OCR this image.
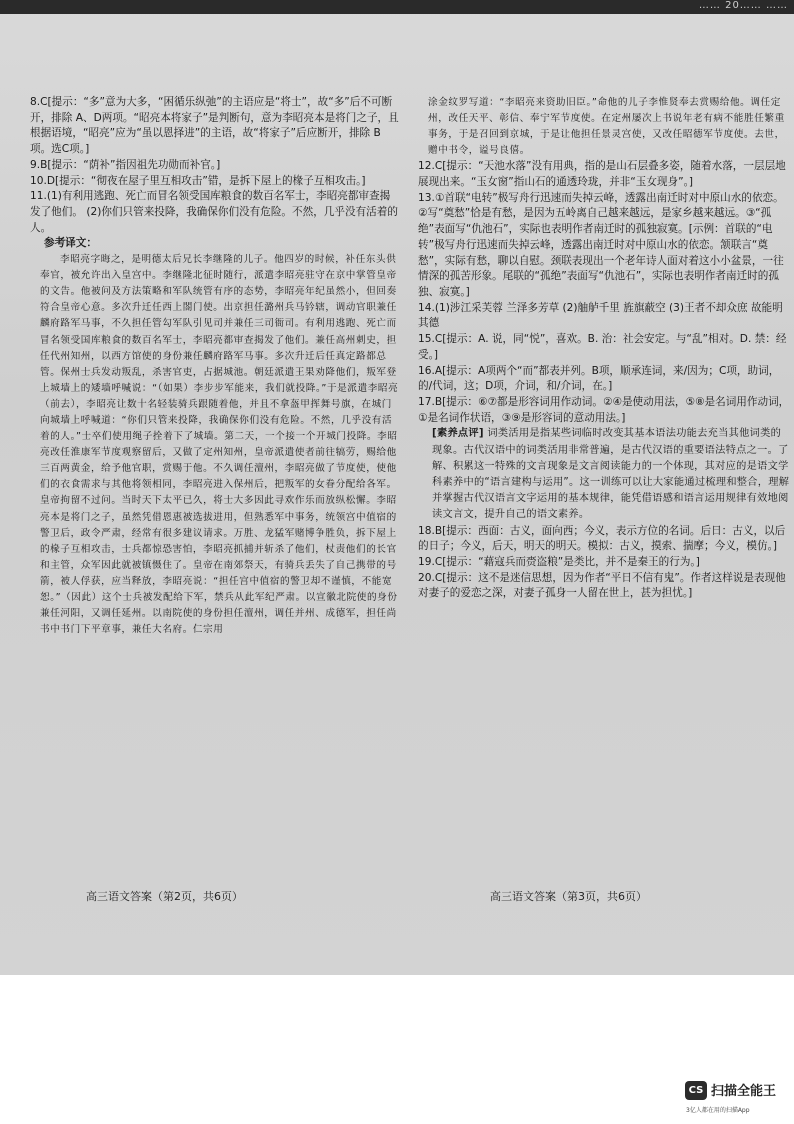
…… 20…… ……

8.C[提示：“多”意为大多，“困循乐纵弛”的主语应是“将士”，故“多”后不可断开，排除 A、D两项。“昭亮本将家子”是判断句，意为李昭亮本是将门之子，且根据语境，“昭亮”应为“虽以恩择进”的主语，故“将家子”后应断开，排除 B项。选C项。]

9.B[提示：“荫补”指因祖先功勋而补官。]

10.D[提示：“彻夜在屋子里互相攻击”错，是拆下屋上的椽子互相攻击。]

11.(1)有利用逃跑、死亡而冒名领受国库粮食的数百名军士，李昭亮都审查揭发了他们。 (2)你们只管来投降，我确保你们没有危险。不然，几乎没有活着的人。

参考译文：

李昭亮字晦之，是明德太后兄长李继隆的儿子。他四岁的时候，补任东头供奉官，被允许出入皇宫中。李继隆北征时随行，派遣李昭亮驻守在京中掌管皇帝的文告。他被问及方法策略和军队统管有序的态势，李昭亮年纪虽然小，但回奏符合皇帝心意。多次升迁任西上閤门使。出京担任潞州兵马钤辖，调动官职兼任麟府路军马事，不久担任管勾军队引见司并兼任三司衙司。有利用逃跑、死亡而冒名领受国库粮食的数百名军士，李昭亮都审查揭发了他们。兼任高州刺史，担任代州知州，以西方馆使的身份兼任麟府路军马事。多次升迁后任真定路都总管。保州士兵发动叛乱，杀害官吏，占据城池。朝廷派遣王果劝降他们，叛军登上城墙上的矮墙呼喊说：“（如果）李步步军能来，我们就投降。”于是派遣李昭亮（前去），李昭亮让数十名轻装骑兵跟随着他，并且不拿盔甲挥舞号旗，在城门向城墙上呼喊道：“你们只管来投降，我确保你们没有危险。不然，几乎没有活着的人。”士卒们使用绳子拴着下了城墙。第二天，一个接一个开城门投降。李昭亮改任淮康军节度观察留后，又做了定州知州，皇帝派遣使者前往犒劳，赐给他三百两黄金，给予他官职，赏赐于他。不久调任澶州，李昭亮做了节度使，使他们的衣食需求与其他将领相同，李昭亮进入保州后，把叛军的女眷分配给各军。皇帝拘留不过问。当时天下太平已久，将士大多因此寻欢作乐而放纵松懈。李昭亮本是将门之子，虽然凭借恩惠被选拔进用，但熟悉军中事务，统领宫中值宿的警卫后，政令严肃，经常有很多建议请求。万胜、龙猛军赌博争胜负，拆下屋上的椽子互相攻击，士兵都惊恐害怕，李昭亮抓捕并斩杀了他们，杖责他们的长官和主管，众军因此就被镇慑住了。皇帝在南郊祭天，有骑兵丢失了自己携带的号箭，被人俘获，应当释放，李昭亮说：“担任宫中值宿的警卫却不谨慎，不能宽恕。”（因此）这个士兵被发配给下军，禁兵从此军纪严肃。以宣徽北院使的身份兼任河阳，又调任延州。以南院使的身份担任澶州，调任并州、成德军，担任尚书中书门下平章事，兼任大名府。仁宗用

涂金纹罗写道：“李昭亮来资助旧臣。”命他的儿子李惟贤奉去赏赐给他。调任定州，改任天平、彰信、奉宁军节度使。在定州屡次上书说年老有病不能胜任繁重事务，于是召回到京城，于是让他担任景灵宫使，又改任昭德军节度使。去世，赠中书令，谥号良僖。

12.C[提示：“天池水落”没有用典，指的是山石层叠多姿，随着水落，一层层地展现出来。“玉女窗”指山石的通透玲珑，并非“玉女现身”。]

13.①首联“电转”极写舟行迅速而失掉云峰，透露出南迁时对中原山水的依恋。②写“奠愁”恰是有愁，是因为五岭离自己越来越远，是家乡越来越远。③“孤绝”表面写“仇池石”，实际也表明作者南迁时的孤独寂寞。[示例：首联的“电转”极写舟行迅速而失掉云峰，透露出南迁时对中原山水的依恋。颔联言“奠愁”，实际有愁，聊以自慰。颈联表现出一个老年诗人面对着这小小盆景，一往情深的孤苦形象。尾联的“孤绝”表面写“仇池石”，实际也表明作者南迁时的孤独、寂寞。]

14.(1)涉江采芙蓉 兰泽多芳草 (2)舳舻千里 旌旗蔽空 (3)王者不却众庶 故能明其德

15.C[提示：A. 说，同“悦”，喜欢。B. 治：社会安定。与“乱”相对。D. 禁：经受。]

16.A[提示：A项两个“而”都表并列。B项，顺承连词，来/因为；C项，助词，的/代词，这；D项，介词，和/介词，在。]

17.B[提示：⑥⑦都是形容词用作动词。②④是使动用法，⑤⑧是名词用作动词，①是名词作状语，③⑨是形容词的意动用法。]

[素养点评] 词类活用是指某些词临时改变其基本语法功能去充当其他词类的现象。古代汉语中的词类活用非常普遍，是古代汉语的重要语法特点之一。了解、积累这一特殊的文言现象是文言阅读能力的一个体现，其对应的是语文学科素养中的“语言建构与运用”。这一训练可以让大家能通过梳理和整合，理解并掌握古代汉语言文字运用的基本规律，能凭借语感和语言运用规律有效地阅读文言文，提升自己的语文素养。

18.B[提示：西面：古义，面向西；今义，表示方位的名词。后日：古义，以后的日子；今义，后天，明天的明天。模拟：古义，摸索、揣摩；今义，模仿。]

19.C[提示：“藉寇兵而赍盗粮”是类比，并不是秦王的行为。]

20.C[提示：这不是迷信思想，因为作者“平日不信有鬼”。作者这样说是表现他对妻子的爱恋之深，对妻子孤身一人留在世上，甚为担忧。]

高三语文答案（第2页，共6页）	高三语文答案（第3页，共6页）
CS 扫描全能王
3亿人都在用的扫描App
